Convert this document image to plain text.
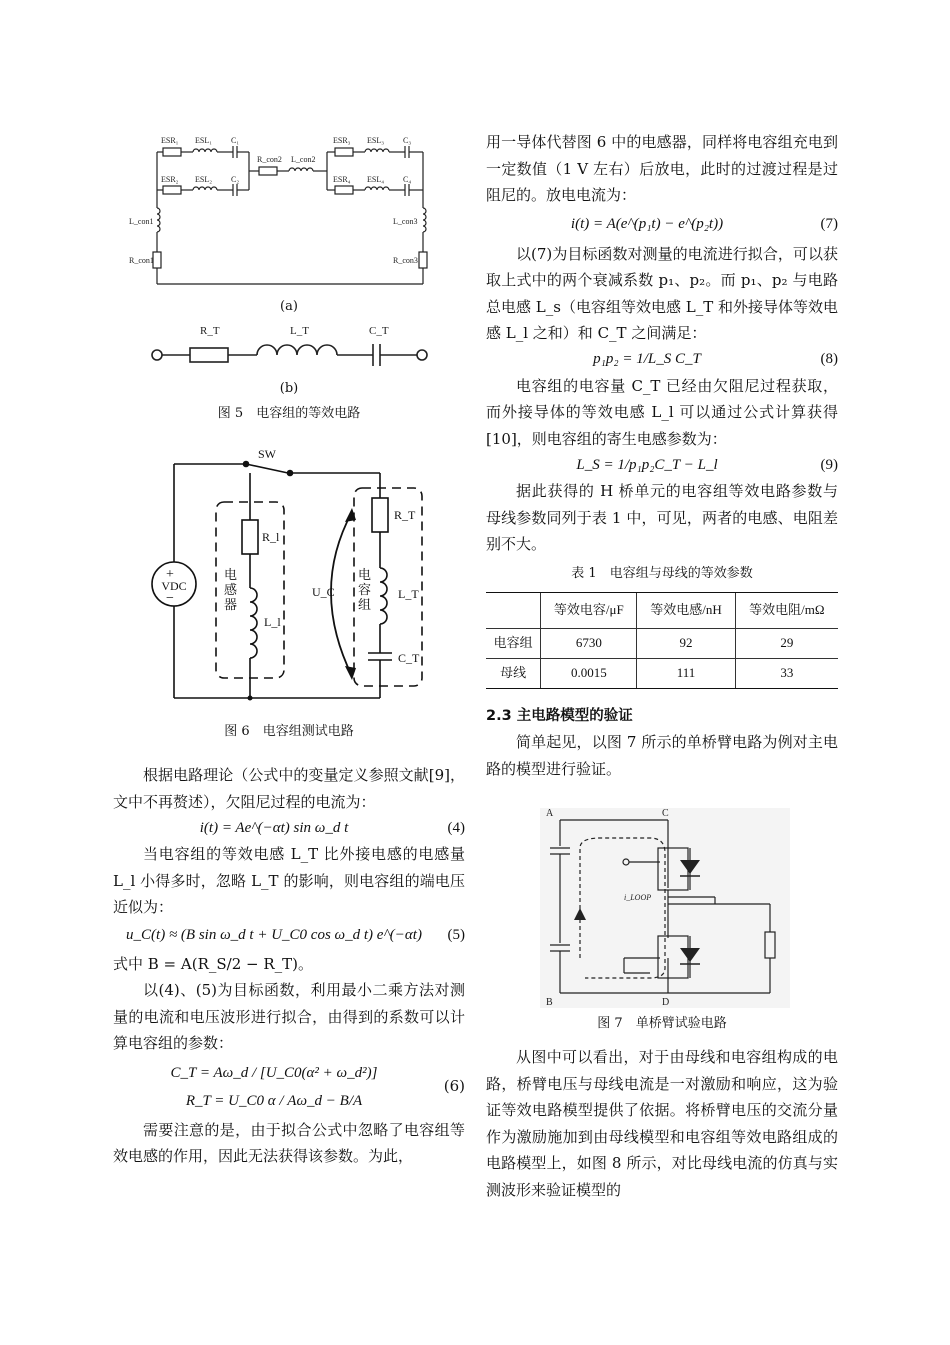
ESR₁ ESL₁ C₁
ESR₂ ESL₂ C₂
R_con2 L_con2
ESR₃ ESL₃ C₃
ESR₄ ESL₄ C₄
L_con1
R_con1
L_con3
R_con3
(a)
R_T	L_T	C_T
(b)
图 5　电容组的等效电路
SW
+
VDC
−
R_l
L_l
R_T
L_T
C_T
U_C
电感器
电容组
图 6　电容组测试电路

根据电路理论（公式中的变量定义参照文献[9]，文中不再赘述），欠阻尼过程的电流为：

i(t) = Ae^(−αt) sin ω_d t	(4)

当电容组的等效电感 L_T 比外接电感的电感量 L_l 小得多时，忽略 L_T 的影响，则电容组的端电压近似为：

u_C(t) ≈ (B sin ω_d t + U_C0 cos ω_d t) e^(−αt)	(5)

式中 B = A(R_S/2 − R_T)。

以(4)、(5)为目标函数，利用最小二乘方法对测量的电流和电压波形进行拟合，由得到的系数可以计算电容组的参数：

C_T = Aω_d / [U_C0(α² + ω_d²)]
R_T = U_C0 α / Aω_d − B/A
(6)

需要注意的是，由于拟合公式中忽略了电容组等效电感的作用，因此无法获得该参数。为此，

用一导体代替图 6 中的电感器，同样将电容组充电到一定数值（1 V 左右）后放电，此时的过渡过程是过阻尼的。放电电流为：

i(t) = A(e^(p₁t) − e^(p₂t))	(7)

以(7)为目标函数对测量的电流进行拟合，可以获取上式中的两个衰减系数 p₁、p₂。而 p₁、p₂ 与电路总电感 L_s（电容组等效电感 L_T 和外接导体等效电感 L_l 之和）和 C_T 之间满足：

p₁p₂ = 1/L_S C_T	(8)

电容组的电容量 C_T 已经由欠阻尼过程获取，而外接导体的等效电感 L_l 可以通过公式计算获得[10]，则电容组的寄生电感参数为：

L_S = 1/p₁p₂C_T − L_l	(9)

据此获得的 H 桥单元的电容组等效电路参数与母线参数同列于表 1 中，可见，两者的电感、电阻差别不大。

表 1　电容组与母线的等效参数
	等效电容/μF	等效电感/nH	等效电阻/mΩ
电容组	6730	92	29
母线	0.0015	111	33
2.3 主电路模型的验证

简单起见，以图 7 所示的单桥臂电路为例对主电路的模型进行验证。

A	C
B	D
i_LOOP
图 7　单桥臂试验电路

从图中可以看出，对于由母线和电容组构成的电路，桥臂电压与母线电流是一对激励和响应，这为验证等效电路模型提供了依据。将桥臂电压的交流分量作为激励施加到由母线模型和电容组等效电路组成的电路模型上，如图 8 所示，对比母线电流的仿真与实测波形来验证模型的
